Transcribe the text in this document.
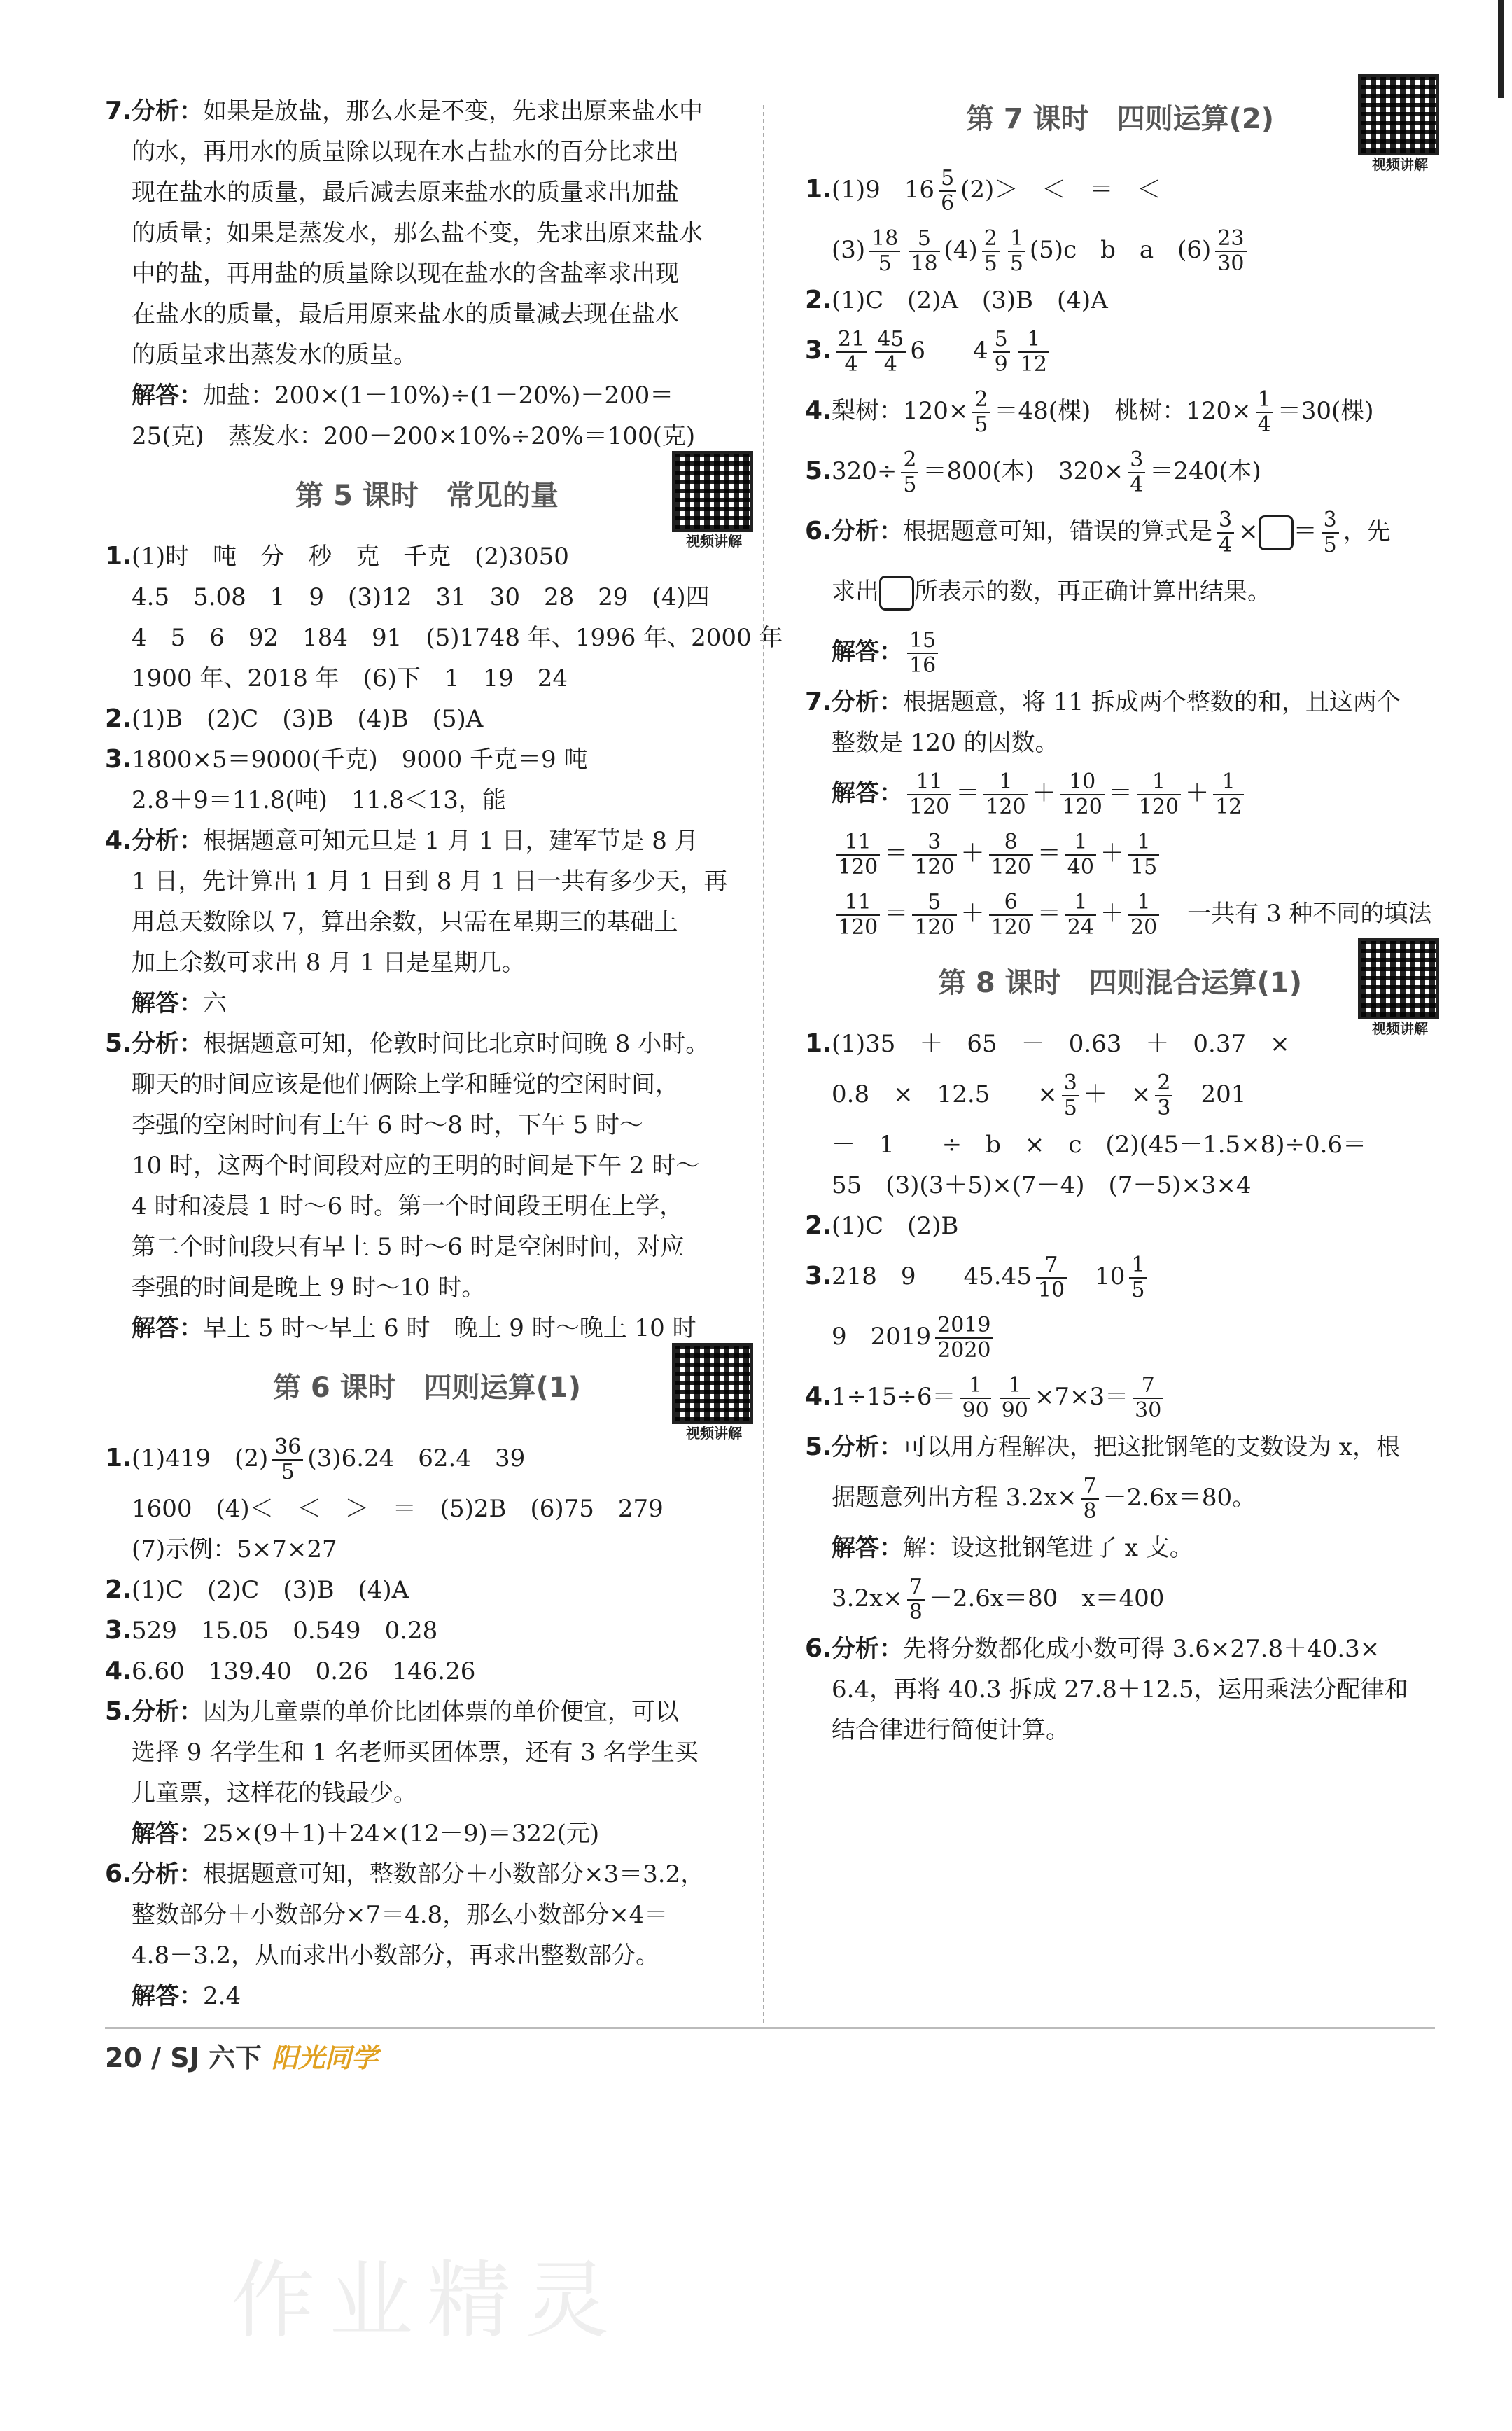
7.分析：如果是放盐，那么水是不变，先求出原来盐水中
的水，再用水的质量除以现在水占盐水的百分比求出
现在盐水的质量，最后减去原来盐水的质量求出加盐
的质量；如果是蒸发水，那么盐不变，先求出原来盐水
中的盐，再用盐的质量除以现在盐水的含盐率求出现
在盐水的质量，最后用原来盐水的质量减去现在盐水
的质量求出蒸发水的质量。
解答：加盐：200×(1－10%)÷(1－20%)－200＝
25(克)　蒸发水：200－200×10%÷20%＝100(克)
第 5 课时　常见的量
视频讲解
1.(1)时　吨　分　秒　克　千克　(2)3050
4.5　5.08　1　9　(3)12　31　30　28　29　(4)四
4　5　6　92　184　91　(5)1748 年、1996 年、2000 年
1900 年、2018 年　(6)下　1　19　24
2.(1)B　(2)C　(3)B　(4)B　(5)A
3.1800×5＝9000(千克)　9000 千克＝9 吨
2.8＋9＝11.8(吨)　11.8＜13，能
4.分析：根据题意可知元旦是 1 月 1 日，建军节是 8 月
1 日，先计算出 1 月 1 日到 8 月 1 日一共有多少天，再
用总天数除以 7，算出余数，只需在星期三的基础上
加上余数可求出 8 月 1 日是星期几。
解答：六
5.分析：根据题意可知，伦敦时间比北京时间晚 8 小时。
聊天的时间应该是他们俩除上学和睡觉的空闲时间，
李强的空闲时间有上午 6 时～8 时，下午 5 时～
10 时，这两个时间段对应的王明的时间是下午 2 时～
4 时和凌晨 1 时～6 时。第一个时间段王明在上学，
第二个时间段只有早上 5 时～6 时是空闲时间，对应
李强的时间是晚上 9 时～10 时。
解答：早上 5 时～早上 6 时　晚上 9 时～晚上 10 时
第 6 课时　四则运算(1)
视频讲解
1.(1)419　$(2) \frac{36}{5} (3)6.24$　62.4　39
1600　(4)＜　＜　＞　＝　(5)2B　(6)75　279
(7)示例：5×7×27
2.(1)C　(2)C　(3)B　(4)A
3.529　15.05　0.549　0.28
4.6.60　139.40　0.26　146.26
5.分析：因为儿童票的单价比团体票的单价便宜，可以
选择 9 名学生和 1 名老师买团体票，还有 3 名学生买
儿童票，这样花的钱最少。
解答：25×(9＋1)＋24×(12－9)＝322(元)
6.分析：根据题意可知，整数部分＋小数部分×3＝3.2，
整数部分＋小数部分×7＝4.8，那么小数部分×4＝
4.8－3.2，从而求出小数部分，再求出整数部分。
解答：2.4
第 7 课时　四则运算(2)
视频讲解
1.(1)9　$16 \frac{5}{6} (2)>$　＜　＝　＜
$(3) \frac{18}{5} \frac{5}{18} (4) \frac{2}{5} \frac{1}{5} (5)c$　b　a　$(6) \frac{23}{30}$
2.(1)C　(2)A　(3)B　(4)A
3. $\frac{21}{4} \frac{45}{4} 6$　　$4 \frac{5}{9} \frac{1}{12}$
4.梨树：$120\times \frac{2}{5} =48$(棵)　桃树：$120\times \frac{1}{4} =30$(棵)
$5.320\div \frac{2}{5} =800$(本)　$320\times \frac{3}{4} =240$(本)
6.分析：根据题意可知，错误的算式是 $\frac{3}{4}$ × ＝ $\frac{3}{5}$ ，先
求出 所表示的数，再正确计算出结果。
解答： $\frac{15}{16}$
7.分析：根据题意，将 11 拆成两个整数的和，且这两个
整数是 120 的因数。
解答： $\frac{11}{120} = \frac{1}{120} + \frac{10}{120} = \frac{1}{120} + \frac{1}{12}$
$\frac{11}{120} = \frac{3}{120} + \frac{8}{120} = \frac{1}{40} + \frac{1}{15}$
$\frac{11}{120} = \frac{5}{120} + \frac{6}{120} = \frac{1}{24} + \frac{1}{20}$
　 一共有 3 种不同的填法
第 8 课时　四则混合运算(1)
视频讲解
1.(1)35　＋　65　－　0.63　＋　0.37　×
0.8　×　12.5　　× $\frac{3}{5}$ ＋　× $\frac{2}{3}$
　 201
－　1　　÷　b　×　c　(2)(45－1.5×8)÷0.6＝
55　(3)(3＋5)×(7－4)　(7－5)×3×4
2.(1)C　(2)B
3.218　9　　$45.45 \frac{7}{10}$
　 $10 \frac{1}{5}$
9　$2019 \frac{2019}{2020}$
$4.1\div 15\div 6= \frac{1}{90} \frac{1}{90} \times 7\times 3= \frac{7}{30}$
5.分析：可以用方程解决，把这批钢笔的支数设为 x，根
据题意列出方程 $3.2x\times \frac{7}{8} -2.6x=80$。
解答：解：设这批钢笔进了 x 支。
$3.2x\times \frac{7}{8} -2.6x=80$　x＝400
6.分析：先将分数都化成小数可得 3.6×27.8＋40.3×
6.4，再将 40.3 拆成 27.8＋12.5，运用乘法分配律和
结合律进行简便计算。
20 / SJ 六下 阳光同学
作业精灵
